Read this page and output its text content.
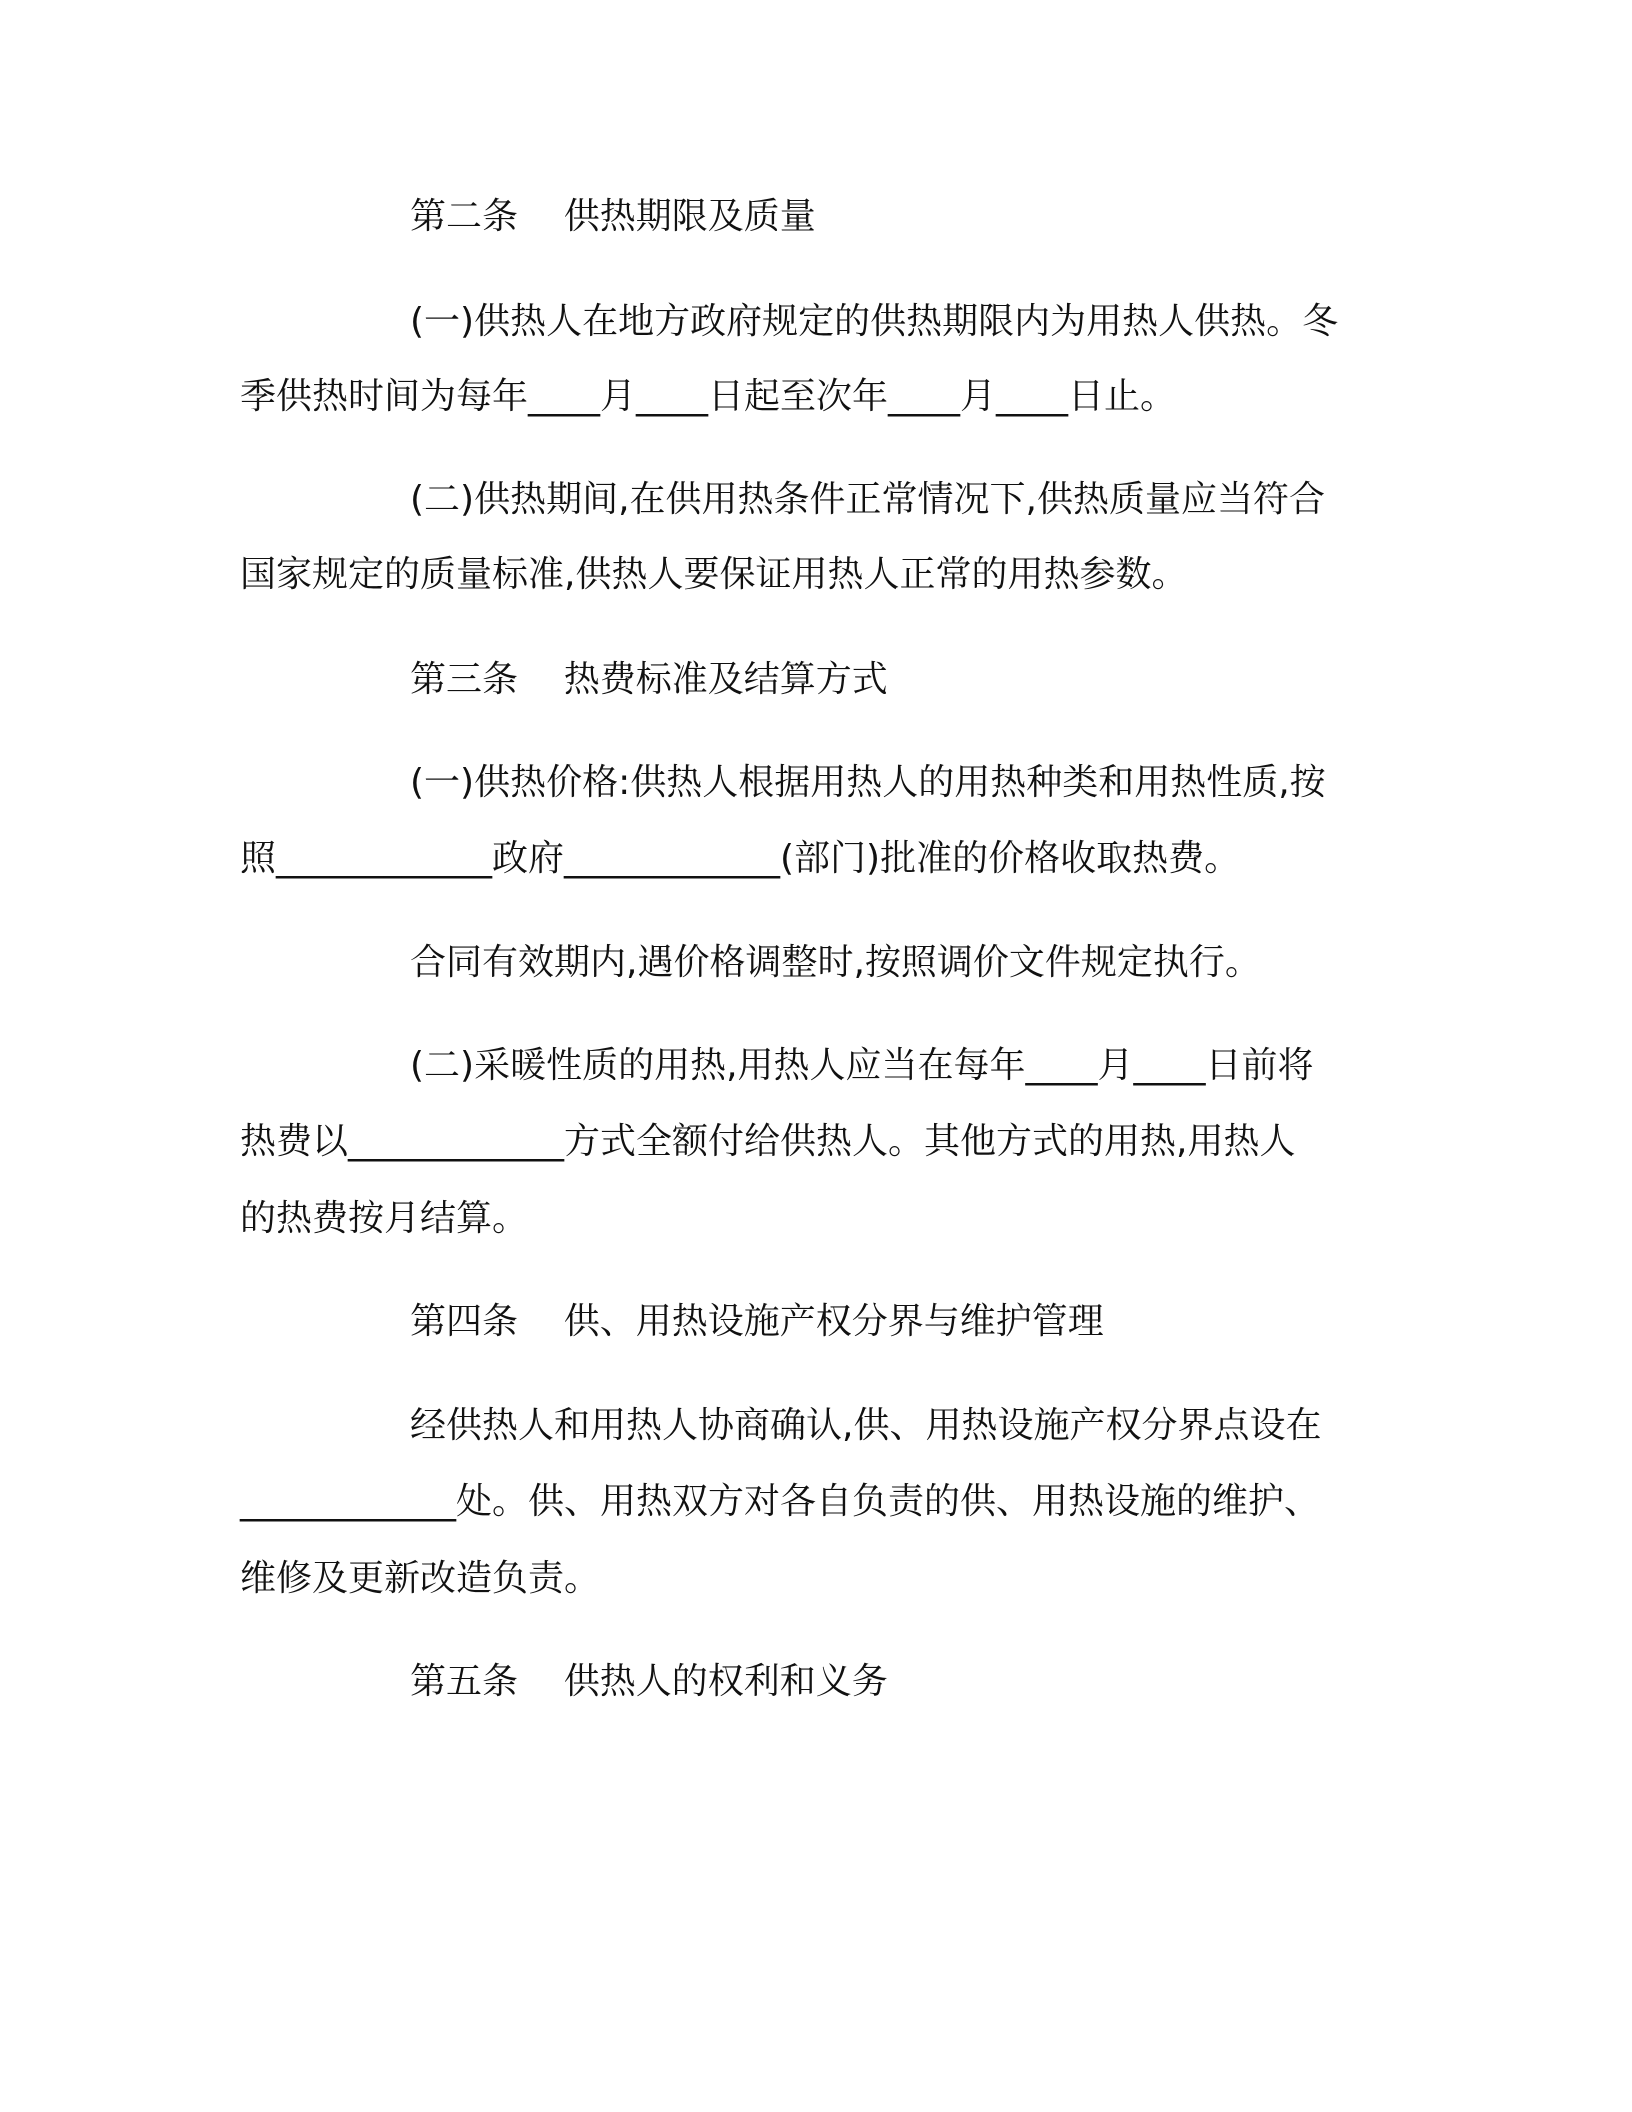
第二条    供热期限及质量
(一)供热人在地方政府规定的供热期限内为用热人供热。冬
季供热时间为每年____月____日起至次年____月____日止。
(二)供热期间,在供用热条件正常情况下,供热质量应当符合
国家规定的质量标准,供热人要保证用热人正常的用热参数。
第三条    热费标准及结算方式
(一)供热价格:供热人根据用热人的用热种类和用热性质,按
照____________政府____________(部门)批准的价格收取热费。
合同有效期内,遇价格调整时,按照调价文件规定执行。
(二)采暖性质的用热,用热人应当在每年____月____日前将
热费以____________方式全额付给供热人。其他方式的用热,用热人
的热费按月结算。
第四条    供、用热设施产权分界与维护管理
经供热人和用热人协商确认,供、用热设施产权分界点设在
____________处。供、用热双方对各自负责的供、用热设施的维护、
维修及更新改造负责。
第五条    供热人的权利和义务
